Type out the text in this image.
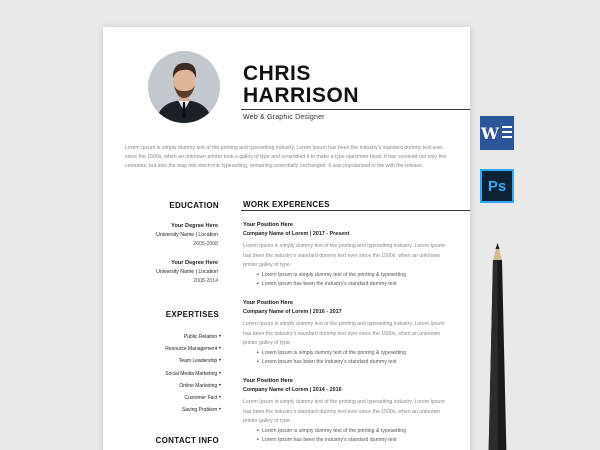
CHRIS
HARRISON
Web & Graphic Designer
Lorem Ipsum is simply dummy text of the printing and typesetting industry. Lorem Ipsum has been the industry's standard dummy text ever since the 1500s, when an unknown printer took a galley of type and scrambled it to make a type specimen book. It has survived not only five centuries, but also the leap into electronic typesetting, remaining essentially unchanged. It was popularised in the with the release.
EDUCATION
Your Degree Here
University Name | Location
2005-2008
Your Degree Here
University Name | Location
2008-2014
EXPERTISES
Public Relation •
Resource Management •
Team Leadership •
Social Media Marketing •
Online Marketing •
Customer Fact •
Saving Problem •
CONTACT INFO
WORK EXPERENCES
Your Position Here
Company Name of Lorem | 2017 - Present
Lorem Ipsum is simply dummy text of the printing and typesetting industry. Lorem Ipsum has been the industry's standard dummy text ever since the 1500s, when an unknown printer galley of type.
• Lorem Ipsum is simply dummy text of the printing & typesetting
• Lorem Ipsum has been the industry's standard dummy text
Your Position Here
Company Name of Lorem | 2016 - 2017
Lorem Ipsum is simply dummy text of the printing and typesetting industry. Lorem Ipsum has been the industry's standard dummy text ever since the 1500s, when an unknown printer galley of type.
• Lorem Ipsum is simply dummy text of the printing & typesetting
• Lorem Ipsum has been the industry's standard dummy text
Your Position Here
Company Name of Lorem | 2014 - 2016
Lorem Ipsum is simply dummy text of the printing and typesetting industry. Lorem Ipsum has been the industry's standard dummy text ever since the 1500s, when an unknown printer galley of type.
• Lorem Ipsum is simply dummy text of the printing & typesetting
• Lorem Ipsum has been the industry's standard dummy text
W
Ps
